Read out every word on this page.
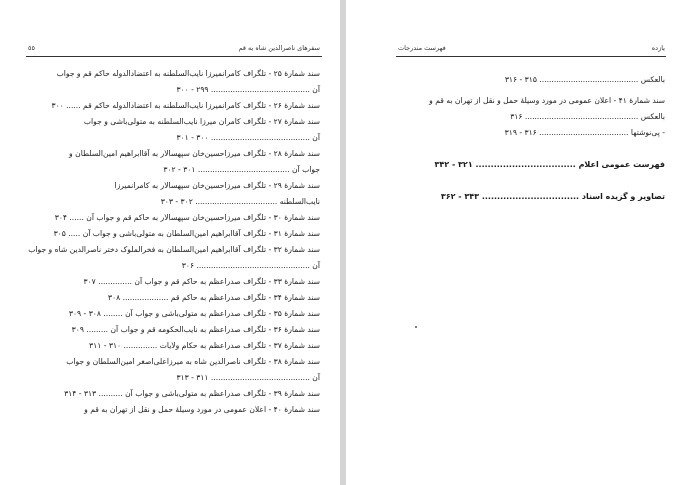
سفرهای ناصرالدین شاه به قم
٥٥
سند شمارهٔ ۲۵ - تلگراف کامرانمیرزا نایب‌السلطنه به اعتضادالدوله حاکم قم و جواب
آن ......................................... ۲۹۹ - ۳۰۰
سند شمارهٔ ۲۶ - تلگراف کامرانمیرزا نایب‌السلطنه به اعتضادالدوله حاکم قم ...... ۳۰۰
سند شمارهٔ ۲۷ - تلگراف کامران میرزا نایب‌السلطنه به متولی‌باشی و جواب
آن ......................................... ۳۰۰ - ۳۰۱
سند شمارهٔ ۲۸ - تلگراف میرزاحسین‌خان سپهسالار به آقاابراهیم امین‌السلطان و
جواب آن ...................................... ۳۰۱ - ۳۰۲
سند شمارهٔ ۲۹ - تلگراف میرزاحسین‌خان سپهسالار به کامرانمیرزا
نایب‌السلطنه .................................. ۳۰۲ - ۳۰۳
سند شمارهٔ ۳۰ - تلگراف میرزاحسین‌خان سپهسالار به حاکم قم و جواب آن ...... ۳۰۴
سند شمارهٔ ۳۱ - تلگراف آقاابراهیم امین‌السلطان به متولی‌باشی و جواب آن ..... ۳۰۵
سند شمارهٔ ۳۲ - تلگراف آقاابراهیم امین‌السلطان به فخرالملوک دختر ناصرالدین شاه و جواب
آن ............................................... ۳۰۶
سند شمارهٔ ۳۳ - تلگراف صدراعظم به حاکم قم و جواب آن .............. ۳۰۷
سند شمارهٔ ۳۴ - تلگراف صدراعظم به حاکم قم ................... ۳۰۸
سند شمارهٔ ۳۵ - تلگراف صدراعظم به متولی‌باشی و جواب آن ........ ۳۰۸ - ۳۰۹
سند شمارهٔ ۳۶ - تلگراف صدراعظم به نایب‌الحکومه قم و جواب آن ......... ۳۰۹
سند شمارهٔ ۳۷ - تلگراف صدراعظم به حکام ولایات .............. ۳۱۰ - ۳۱۱
سند شمارهٔ ۳۸ - تلگراف ناصرالدین شاه به میرزاعلی‌اصغر امین‌السلطان و جواب
آن ......................................... ۳۱۱ - ۳۱۳
سند شمارهٔ ۳۹ - تلگراف صدراعظم به متولی‌باشی و جواب آن .......... ۳۱۳ - ۳۱۴
سند شمارهٔ ۴۰ - اعلان عمومی در مورد وسیلهٔ حمل و نقل از تهران به قم و
یازده
فهرست مندرجات
بالعکس ......................................... ۳۱۵ - ۳۱۶
سند شمارهٔ ۴۱ - اعلان عمومی در مورد وسیلهٔ حمل و نقل از تهران به قم و
بالعکس ............................................... ۳۱۶
- پی‌نوشتها ..................................... ۳۱۶ - ۳۱۹
فهرست عمومی اعلام ................................. ۳۲۱ - ۳۴۲
تصاویر و گزیده اسناد ................................ ۳۴۳ - ۳۶۲
